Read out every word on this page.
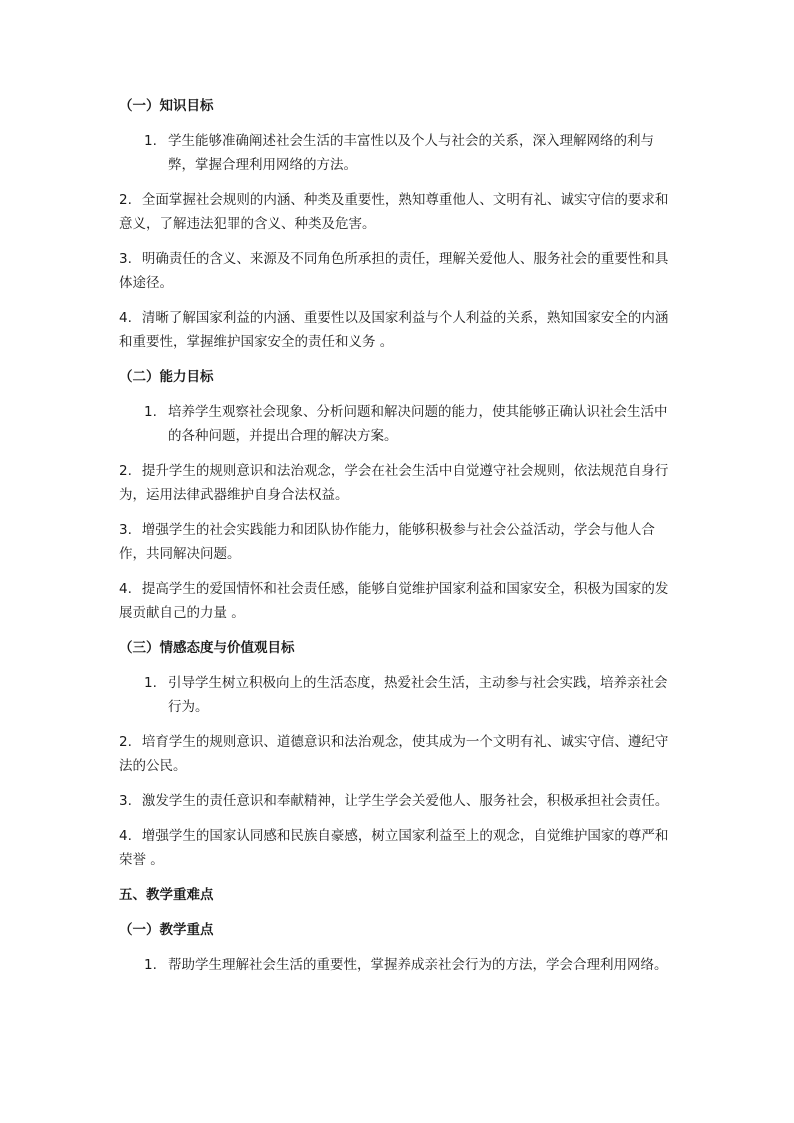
（一）知识目标
1. 学生能够准确阐述社会生活的丰富性以及个人与社会的关系，深入理解网络的利与弊，掌握合理利用网络的方法。
2. 全面掌握社会规则的内涵、种类及重要性，熟知尊重他人、文明有礼、诚实守信的要求和意义，了解违法犯罪的含义、种类及危害。
3. 明确责任的含义、来源及不同角色所承担的责任，理解关爱他人、服务社会的重要性和具体途径。
4. 清晰了解国家利益的内涵、重要性以及国家利益与个人利益的关系，熟知国家安全的内涵和重要性，掌握维护国家安全的责任和义务 。
（二）能力目标
1. 培养学生观察社会现象、分析问题和解决问题的能力，使其能够正确认识社会生活中的各种问题，并提出合理的解决方案。
2. 提升学生的规则意识和法治观念，学会在社会生活中自觉遵守社会规则，依法规范自身行为，运用法律武器维护自身合法权益。
3. 增强学生的社会实践能力和团队协作能力，能够积极参与社会公益活动，学会与他人合作，共同解决问题。
4. 提高学生的爱国情怀和社会责任感，能够自觉维护国家利益和国家安全，积极为国家的发展贡献自己的力量 。
（三）情感态度与价值观目标
1. 引导学生树立积极向上的生活态度，热爱社会生活，主动参与社会实践，培养亲社会行为。
2. 培育学生的规则意识、道德意识和法治观念，使其成为一个文明有礼、诚实守信、遵纪守法的公民。
3. 激发学生的责任意识和奉献精神，让学生学会关爱他人、服务社会，积极承担社会责任。
4. 增强学生的国家认同感和民族自豪感，树立国家利益至上的观念，自觉维护国家的尊严和荣誉 。
五、教学重难点
（一）教学重点
1. 帮助学生理解社会生活的重要性，掌握养成亲社会行为的方法，学会合理利用网络。
